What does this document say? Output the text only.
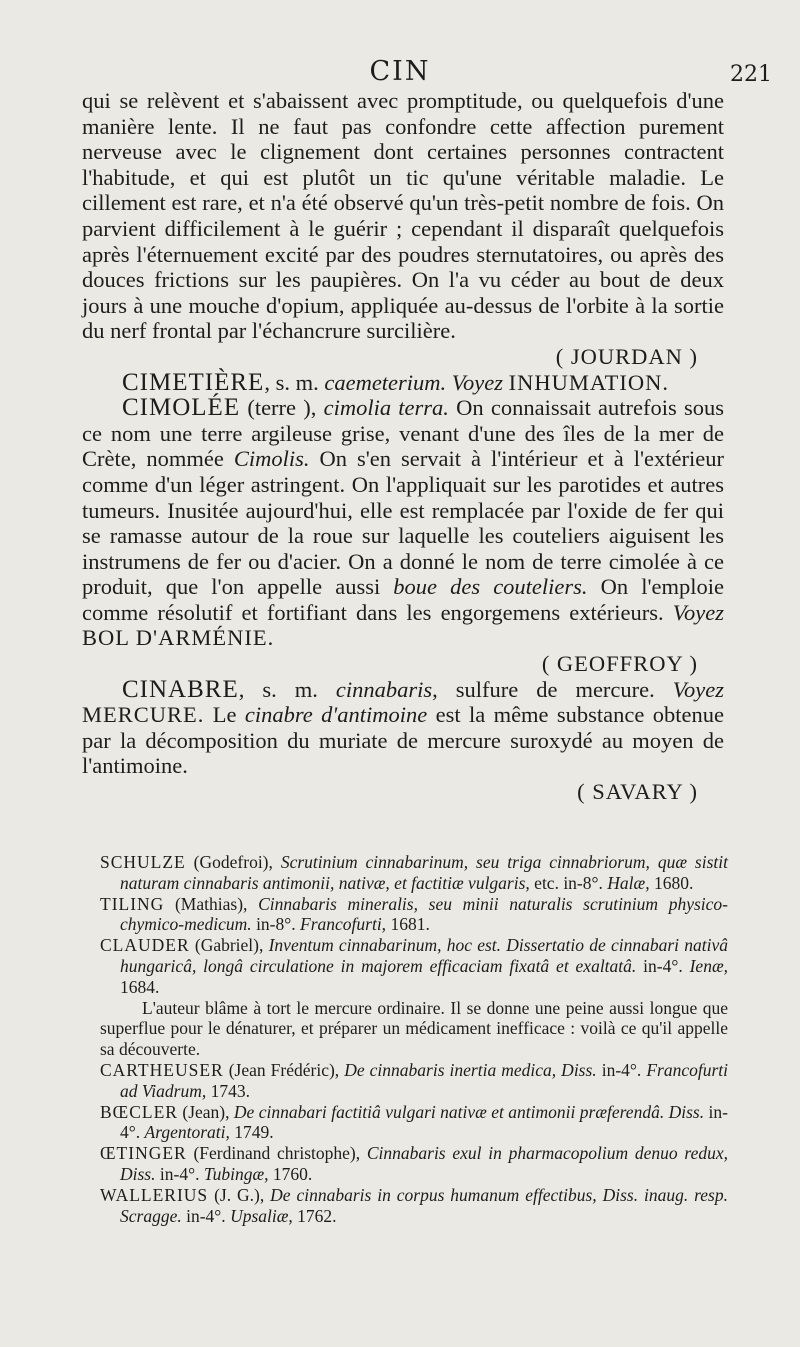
CIN	221

qui se relèvent et s'abaissent avec promptitude, ou quelquefois d'une manière lente. Il ne faut pas confondre cette affection purement nerveuse avec le clignement dont certaines personnes contractent l'habitude, et qui est plutôt un tic qu'une véritable maladie. Le cillement est rare, et n'a été observé qu'un très-petit nombre de fois. On parvient difficilement à le guérir ; cependant il disparaît quelquefois après l'éternuement excité par des poudres sternutatoires, ou après des douces frictions sur les paupières. On l'a vu céder au bout de deux jours à une mouche d'opium, appliquée au-dessus de l'orbite à la sortie du nerf frontal par l'échancrure surcilière.
( JOURDAN )

CIMETIÈRE, s. m. caemeterium. Voyez INHUMATION.

CIMOLÉE (terre ), cimolia terra. On connaissait autrefois sous ce nom une terre argileuse grise, venant d'une des îles de la mer de Crète, nommée Cimolis. On s'en servait à l'intérieur et à l'extérieur comme d'un léger astringent. On l'appliquait sur les parotides et autres tumeurs. Inusitée aujourd'hui, elle est remplacée par l'oxide de fer qui se ramasse autour de la roue sur laquelle les couteliers aiguisent les instrumens de fer ou d'acier. On a donné le nom de terre cimolée à ce produit, que l'on appelle aussi boue des couteliers. On l'emploie comme résolutif et fortifiant dans les engorgemens extérieurs. Voyez BOL D'ARMÉNIE.
( GEOFFROY )

CINABRE, s. m. cinnabaris, sulfure de mercure. Voyez MERCURE. Le cinabre d'antimoine est la même substance obtenue par la décomposition du muriate de mercure suroxydé au moyen de l'antimoine.
( SAVARY )

SCHULZE (Godefroi), Scrutinium cinnabarinum, seu triga cinnabriorum, quæ sistit naturam cinnabaris antimonii, nativæ, et factitiæ vulgaris, etc. in-8°. Halæ, 1680.

TILING (Mathias), Cinnabaris mineralis, seu minii naturalis scrutinium physico-chymico-medicum. in-8°. Francofurti, 1681.

CLAUDER (Gabriel), Inventum cinnabarinum, hoc est. Dissertatio de cinnabari nativâ hungaricâ, longâ circulatione in majorem efficaciam fixatâ et exaltatâ. in-4°. Ienæ, 1684.

L'auteur blâme à tort le mercure ordinaire. Il se donne une peine aussi longue que superflue pour le dénaturer, et préparer un médicament inefficace : voilà ce qu'il appelle sa découverte.

CARTHEUSER (Jean Frédéric), De cinnabaris inertia medica, Diss. in-4°. Francofurti ad Viadrum, 1743.

BŒCLER (Jean), De cinnabari factitiâ vulgari nativæ et antimonii præferendâ. Diss. in-4°. Argentorati, 1749.

ŒTINGER (Ferdinand christophe), Cinnabaris exul in pharmacopolium denuo redux, Diss. in-4°. Tubingæ, 1760.

WALLERIUS (J. G.), De cinnabaris in corpus humanum effectibus, Diss. inaug. resp. Scragge. in-4°. Upsaliæ, 1762.
